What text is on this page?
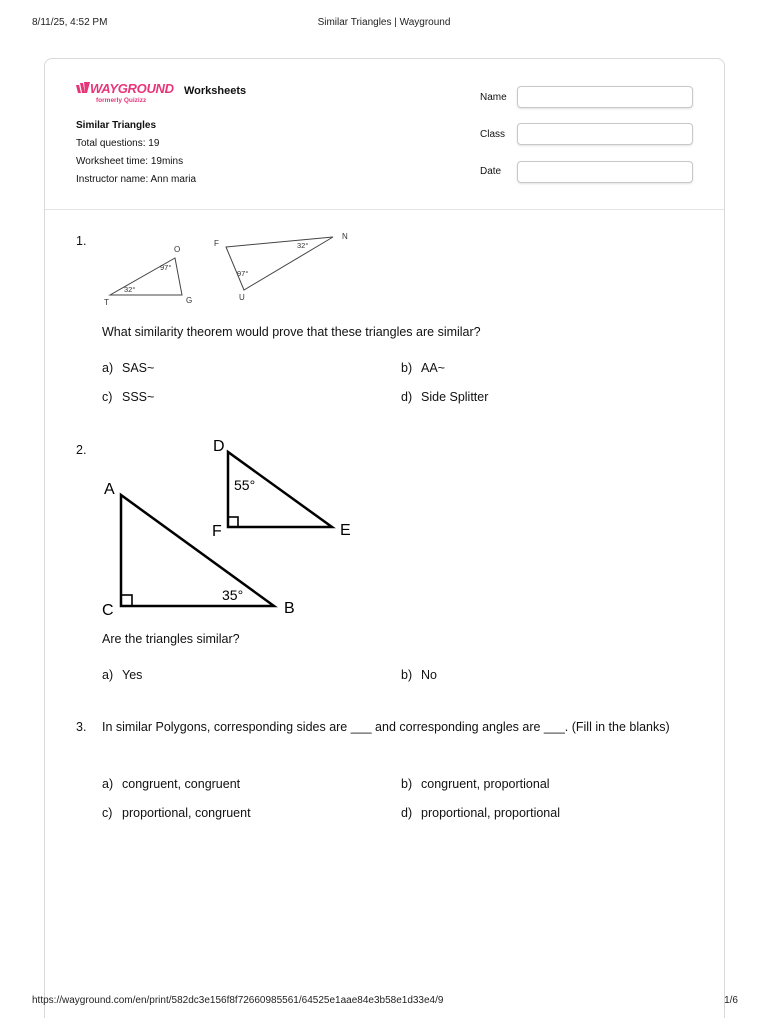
8/11/25, 4:52 PM	Similar Triangles | Wayground
WAYGROUND
formerly Quizizz
Worksheets
Similar Triangles
Total questions: 19
Worksheet time: 19mins
Instructor name: Ann maria
Name
Class
Date
1.
O
T	G
97°
32°
F
N
U
32°
97°
What similarity theorem would prove that these triangles are similar?
a) SAS~	b) AA~
c) SSS~	d) Side Splitter
2.	D
F	E
55°
A
C	B
35°
Are the triangles similar?
a) Yes	b) No
3. In similar Polygons, corresponding sides are ___ and corresponding angles are ___. (Fill in the blanks)
a) congruent, congruent	b) congruent, proportional
c) proportional, congruent	d) proportional, proportional
https://wayground.com/en/print/582dc3e156f8f72660985561/64525e1aae84e3b58e1d33e4/9	1/6
